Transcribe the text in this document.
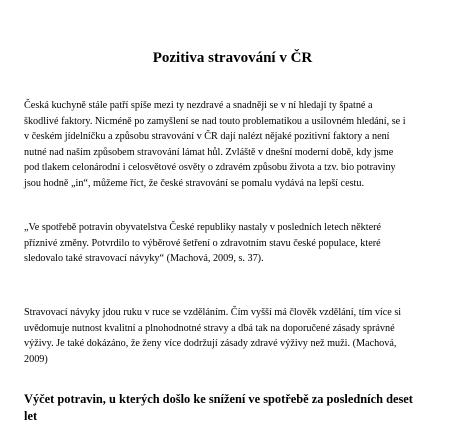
Pozitiva stravování v ČR
Česká kuchyně stále patří spíše mezi ty nezdravé a snadněji se v ní hledají ty špatné a
škodlivé faktory. Nicméně po zamyšlení se nad touto problematikou a usilovném hledání, se i
v českém jídelníčku a způsobu stravování v ČR dají nalézt nějaké pozitivní faktory a není
nutné nad naším způsobem stravování lámat hůl. Zvláště v dnešní moderní době, kdy jsme
pod tlakem celonárodní i celosvětové osvěty o zdravém způsobu života a tzv. bio potraviny
jsou hodně „in“, můžeme říct, že české stravování se pomalu vydává na lepší cestu.
„Ve spotřebě potravin obyvatelstva České republiky nastaly v posledních letech některé
příznivé změny. Potvrdilo to výběrové šetření o zdravotním stavu české populace, které
sledovalo také stravovací návyky“ (Machová, 2009, s. 37).
Stravovací návyky jdou ruku v ruce se vzděláním. Čím vyšší má člověk vzdělání, tím více si
uvědomuje nutnost kvalitní a plnohodnotné stravy a dbá tak na doporučené zásady správné
výživy. Je také dokázáno, že ženy více dodržují zásady zdravé výživy než muži. (Machová,
2009)
Výčet potravin, u kterých došlo ke snížení ve spotřebě za posledních deset
let
